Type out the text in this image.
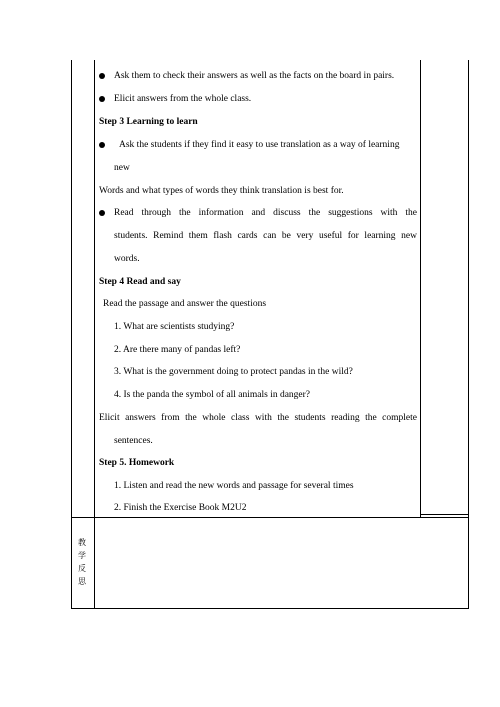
教
学
反
思
Ask them to check their answers as well as the facts on the board in pairs.
Elicit answers from the whole class.
Step 3 Learning to learn
Ask the students if they find it easy to use translation as a way of learning
new
Words and what types of words they think translation is best for.
Read through the information and discuss the suggestions with the
students. Remind them flash cards can be very useful for learning new
words.
Step 4 Read and say
Read the passage and answer the questions
1. What are scientists studying?
2. Are there many of pandas left?
3. What is the government doing to protect pandas in the wild?
4. Is the panda the symbol of all animals in danger?
Elicit answers from the whole class with the students reading the complete
sentences.
Step 5. Homework
1. Listen and read the new words and passage for several times
2. Finish the Exercise Book M2U2
